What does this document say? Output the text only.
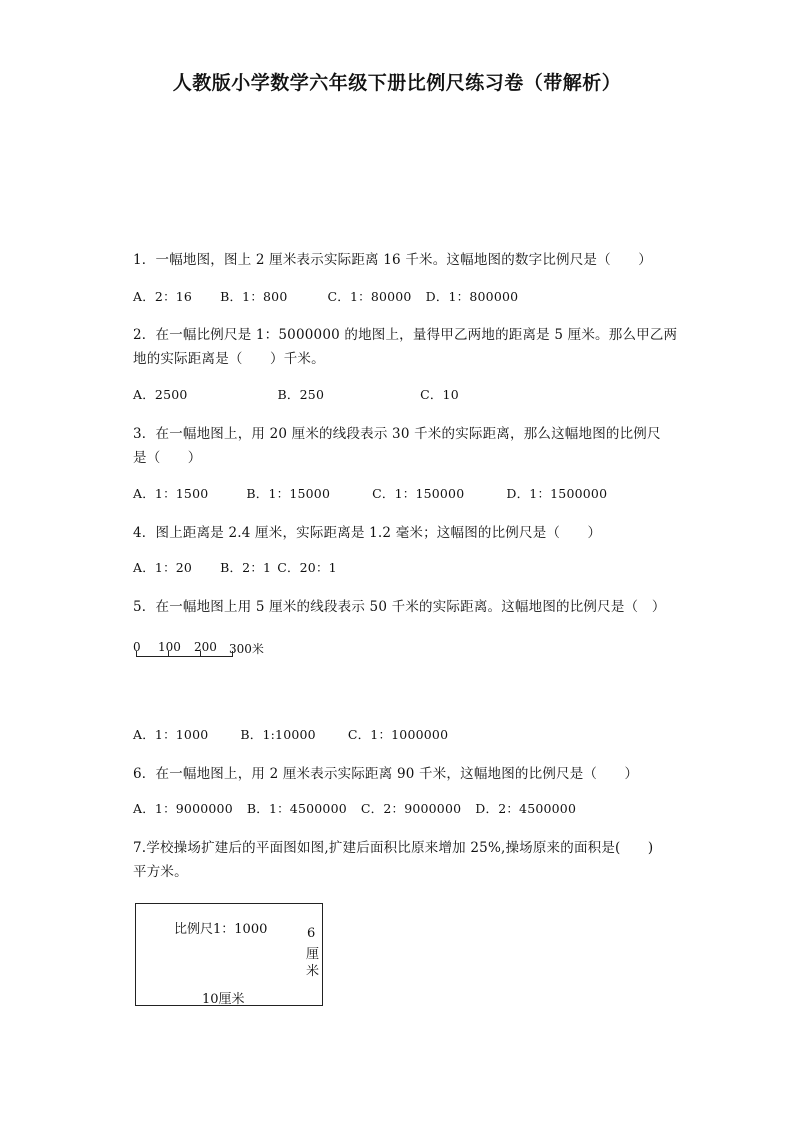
人教版小学数学六年级下册比例尺练习卷（带解析）
1．一幅地图，图上 2 厘米表示实际距离 16 千米。这幅地图的数字比例尺是（　　）
A．2：16 B．1：800	C．1：80000 D．1：800000
2．在一幅比例尺是 1：5000000 的地图上，量得甲乙两地的距离是 5 厘米。那么甲乙两
地的实际距离是（　　）千米。
A．2500	B．250	C．10
3．在一幅地图上，用 20 厘米的线段表示 30 千米的实际距离，那么这幅地图的比例尺
是（　　）
A．1：1500	B．1：15000	C．1：150000	D．1：1500000
4．图上距离是 2.4 厘米，实际距离是 1.2 毫米；这幅图的比例尺是（　　）
A．1：20 B．2：1 C．20：1
5．在一幅地图上用 5 厘米的线段表示 50 千米的实际距离。这幅地图的比例尺是（　）
0 100 200 300米
A．1：1000	B．1:10000	C．1：1000000
6．在一幅地图上，用 2 厘米表示实际距离 90 千米，这幅地图的比例尺是（　　）
A．1：9000000 B．1：4500000 C．2：9000000 D．2：4500000
7.学校操场扩建后的平面图如图,扩建后面积比原来增加 25%,操场原来的面积是(　　)
平方米。
比例尺1：1000	6
厘
米
10厘米
